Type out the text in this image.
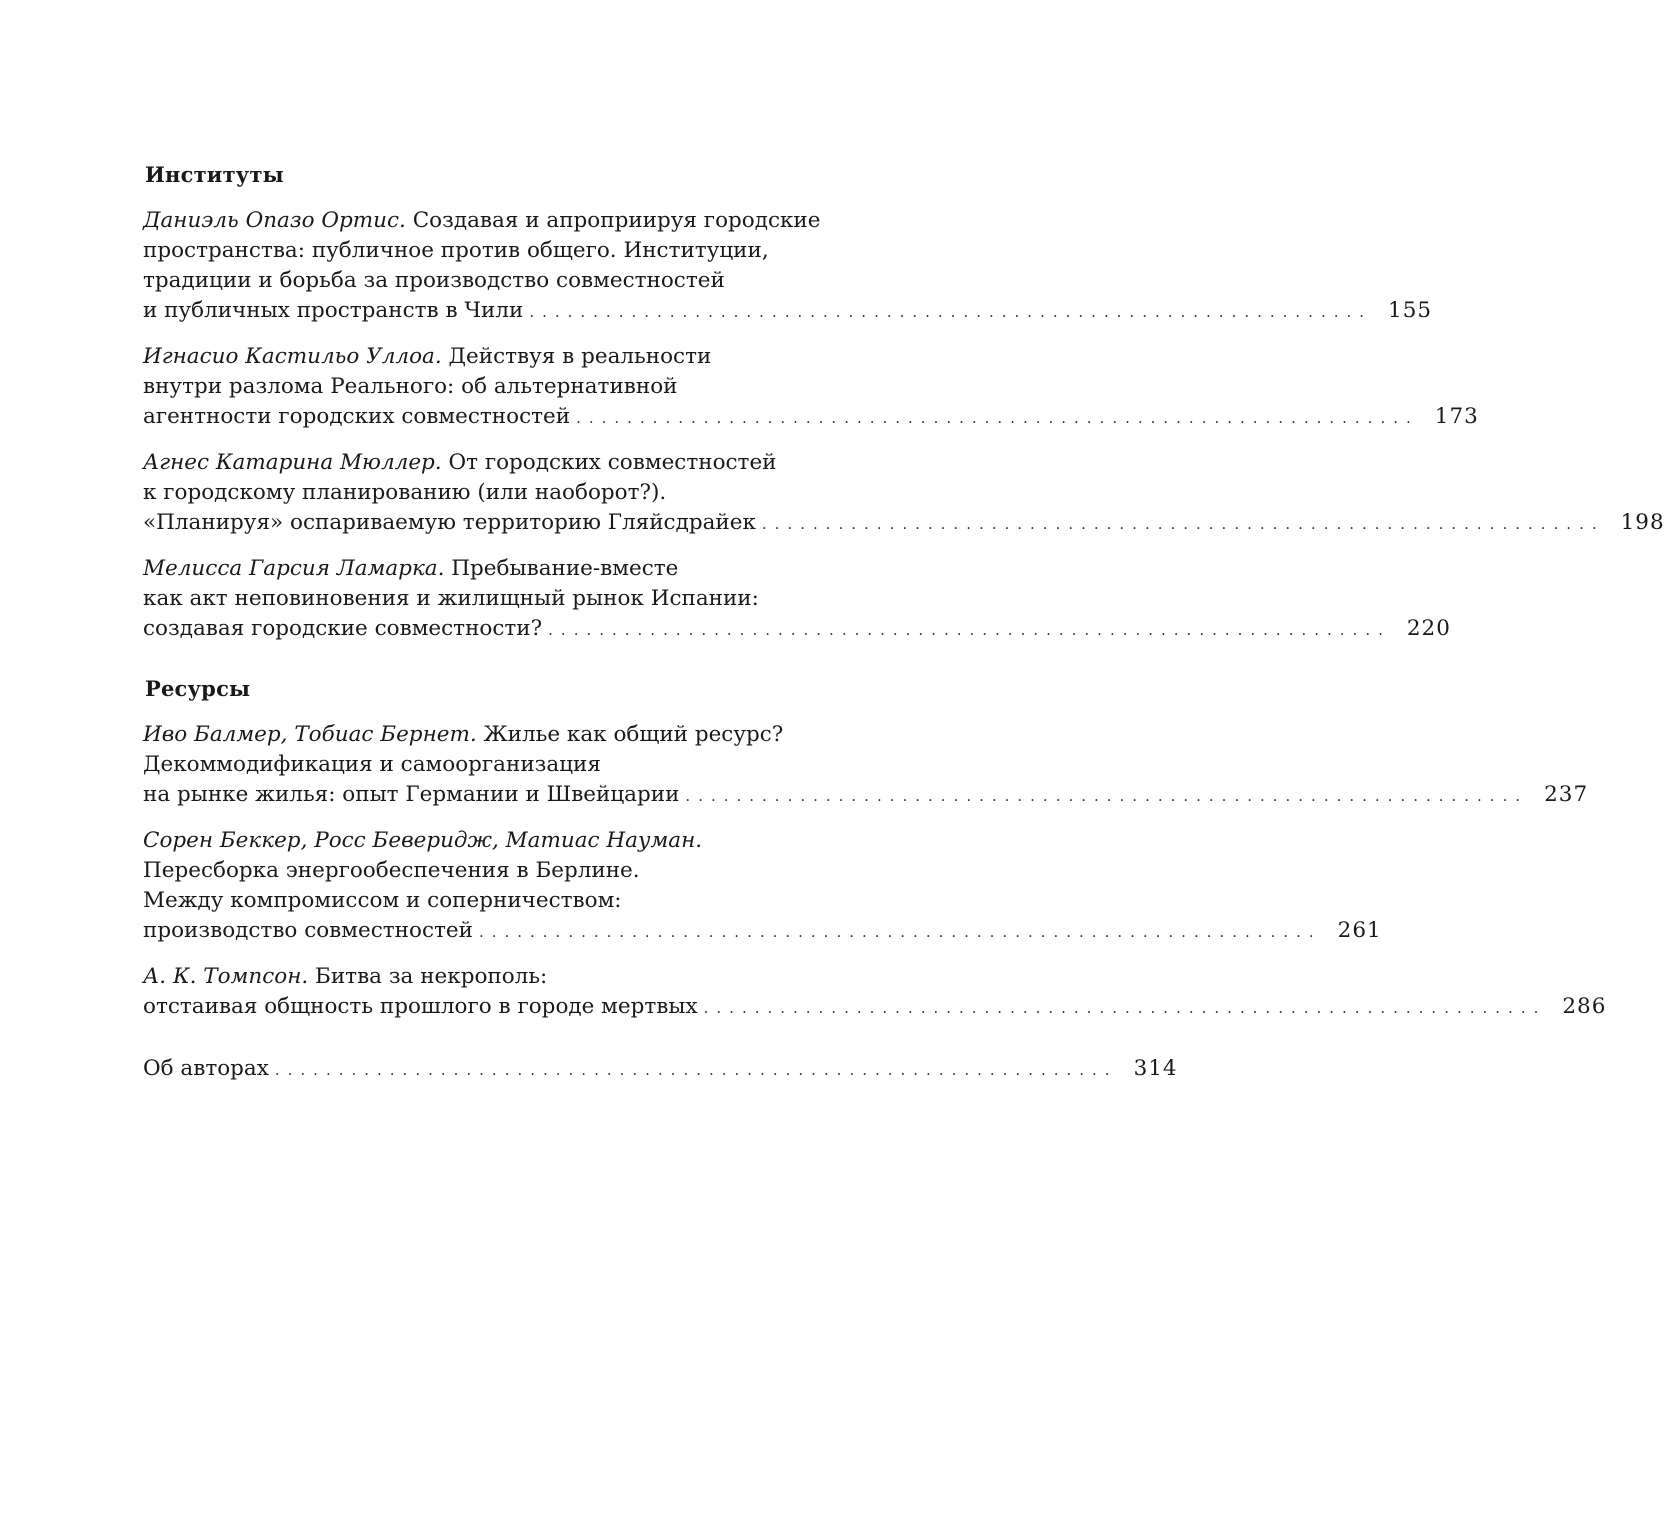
Институты
Даниэль Опазо Ортис. Создавая и апроприируя городские
пространства: публичное против общего. Институции,
традиции и борьба за производство совместностей
и публичных пространств в Чили .................................................................. 155
Игнасио Кастильо Уллоа. Действуя в реальности
внутри разлома Реального: об альтернативной
агентности городских совместностей .................................................................. 173
Агнес Катарина Мюллер. От городских совместностей
к городскому планированию (или наоборот?).
«Планируя» оспариваемую территорию Гляйсдрайек .................................................................. 198
Мелисса Гарсия Ламарка. Пребывание-вместе
как акт неповиновения и жилищный рынок Испании:
создавая городские совместности? .................................................................. 220
Ресурсы
Иво Балмер, Тобиас Бернет. Жилье как общий ресурс?
Декоммодификация и самоорганизация
на рынке жилья: опыт Германии и Швейцарии .................................................................. 237
Сорен Беккер, Росс Беверидж, Матиас Науман.
Пересборка энергообеспечения в Берлине.
Между компромиссом и соперничеством:
производство совместностей .................................................................. 261
А. К. Томпсон. Битва за некрополь:
отстаивая общность прошлого в городе мертвых .................................................................. 286
Об авторах .................................................................. 314
